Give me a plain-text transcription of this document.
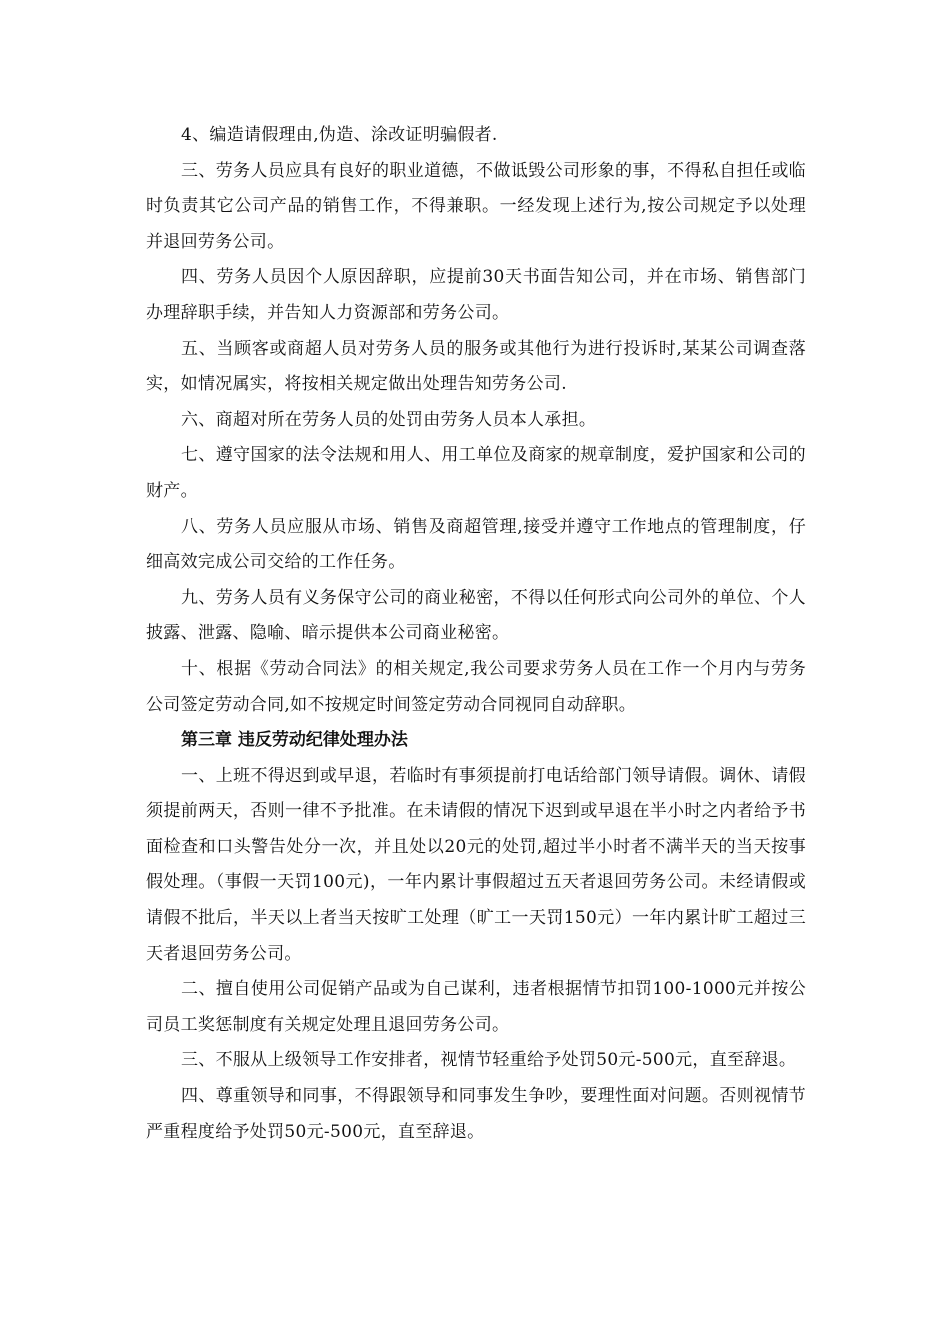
4、编造请假理由,伪造、涂改证明骗假者.

三、劳务人员应具有良好的职业道德，不做诋毁公司形象的事，不得私自担任或临时负责其它公司产品的销售工作，不得兼职。一经发现上述行为,按公司规定予以处理并退回劳务公司。

四、劳务人员因个人原因辞职，应提前30天书面告知公司，并在市场、销售部门办理辞职手续，并告知人力资源部和劳务公司。

五、当顾客或商超人员对劳务人员的服务或其他行为进行投诉时,某某公司调查落实，如情况属实，将按相关规定做出处理告知劳务公司.

六、商超对所在劳务人员的处罚由劳务人员本人承担。

七、遵守国家的法令法规和用人、用工单位及商家的规章制度，爱护国家和公司的财产。

八、劳务人员应服从市场、销售及商超管理,接受并遵守工作地点的管理制度，仔细高效完成公司交给的工作任务。

九、劳务人员有义务保守公司的商业秘密，不得以任何形式向公司外的单位、个人披露、泄露、隐喻、暗示提供本公司商业秘密。

十、根据《劳动合同法》的相关规定,我公司要求劳务人员在工作一个月内与劳务公司签定劳动合同,如不按规定时间签定劳动合同视同自动辞职。

第三章 违反劳动纪律处理办法

一、上班不得迟到或早退，若临时有事须提前打电话给部门领导请假。调休、请假须提前两天，否则一律不予批准。在未请假的情况下迟到或早退在半小时之内者给予书面检查和口头警告处分一次，并且处以20元的处罚,超过半小时者不满半天的当天按事假处理。（事假一天罚100元)，一年内累计事假超过五天者退回劳务公司。未经请假或请假不批后，半天以上者当天按旷工处理（旷工一天罚150元）一年内累计旷工超过三天者退回劳务公司。

二、擅自使用公司促销产品或为自己谋利，违者根据情节扣罚100-1000元并按公司员工奖惩制度有关规定处理且退回劳务公司。

三、不服从上级领导工作安排者，视情节轻重给予处罚50元-500元，直至辞退。

四、尊重领导和同事，不得跟领导和同事发生争吵，要理性面对问题。否则视情节严重程度给予处罚50元-500元，直至辞退。
